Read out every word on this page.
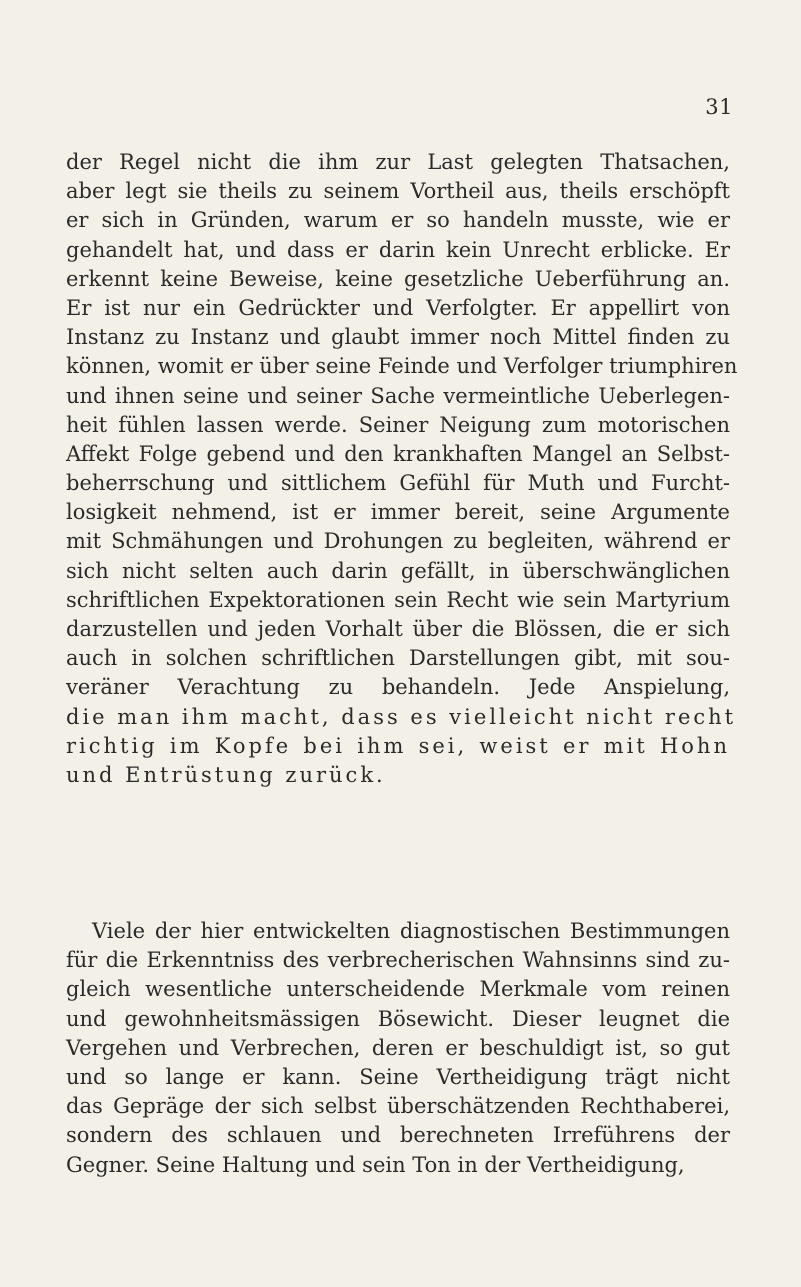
31
der Regel nicht die ihm zur Last gelegten Thatsachen,
aber legt sie theils zu seinem Vortheil aus, theils erschöpft
er sich in Gründen, warum er so handeln musste, wie er
gehandelt hat, und dass er darin kein Unrecht erblicke. Er
erkennt keine Beweise, keine gesetzliche Ueberführung an.
Er ist nur ein Gedrückter und Verfolgter. Er appellirt von
Instanz zu Instanz und glaubt immer noch Mittel finden zu
können, womit er über seine Feinde und Verfolger triumphiren
und ihnen seine und seiner Sache vermeintliche Ueberlegen-
heit fühlen lassen werde. Seiner Neigung zum motorischen
Affekt Folge gebend und den krankhaften Mangel an Selbst-
beherrschung und sittlichem Gefühl für Muth und Furcht-
losigkeit nehmend, ist er immer bereit, seine Argumente
mit Schmähungen und Drohungen zu begleiten, während er
sich nicht selten auch darin gefällt, in überschwänglichen
schriftlichen Expektorationen sein Recht wie sein Martyrium
darzustellen und jeden Vorhalt über die Blössen, die er sich
auch in solchen schriftlichen Darstellungen gibt, mit sou-
veräner Verachtung zu behandeln. Jede Anspielung,
die man ihm macht, dass es vielleicht nicht recht
richtig im Kopfe bei ihm sei, weist er mit Hohn
und Entrüstung zurück.
Viele der hier entwickelten diagnostischen Bestimmungen
für die Erkenntniss des verbrecherischen Wahnsinns sind zu-
gleich wesentliche unterscheidende Merkmale vom reinen
und gewohnheitsmässigen Bösewicht. Dieser leugnet die
Vergehen und Verbrechen, deren er beschuldigt ist, so gut
und so lange er kann. Seine Vertheidigung trägt nicht
das Gepräge der sich selbst überschätzenden Rechthaberei,
sondern des schlauen und berechneten Irreführens der
Gegner. Seine Haltung und sein Ton in der Vertheidigung,
